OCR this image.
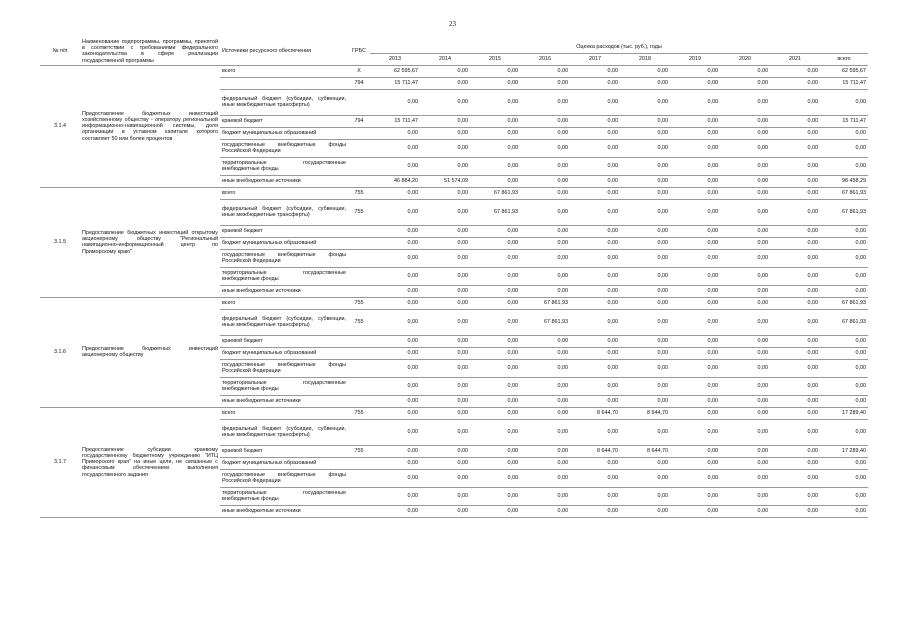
23
№ п/п	Наименование подпрограммы, программы, принятой в соответствии с требованиями федерального законодательства в сфере реализации государственной программы	Источники ресурсного обеспечения	ГРБС	Оценка расходов (тыс. руб.), годы									
				2013	2014	2015	2016	2017	2018	2019	2020	2021	всего
3.1.4	Предоставление бюджетных инвестиций хозяйственному обществу - оператору региональной информационно-навигационной системы, доля организации в уставном капитале которого составляет 50 или более процентов	всего	X	62 595,67	0,00	0,00	0,00	0,00	0,00	0,00	0,00	0,00	62 595,67
			794	15 711,47	0,00	0,00	0,00	0,00	0,00	0,00	0,00	0,00	15 711,47
		федеральный бюджет (субсидии, субвенции, иные межбюджетные трансферты)		0,00	0,00	0,00	0,00	0,00	0,00	0,00	0,00	0,00	0,00
		краевой бюджет	794	15 711,47	0,00	0,00	0,00	0,00	0,00	0,00	0,00	0,00	15 711,47
		бюджет муниципальных образований		0,00	0,00	0,00	0,00	0,00	0,00	0,00	0,00	0,00	0,00
		государственные внебюджетные фонды Российской Федерации		0,00	0,00	0,00	0,00	0,00	0,00	0,00	0,00	0,00	0,00
		территориальные государственные внебюджетные фонды		0,00	0,00	0,00	0,00	0,00	0,00	0,00	0,00	0,00	0,00
		иные внебюджетные источники		46 884,20	51 574,09	0,00	0,00	0,00	0,00	0,00	0,00	0,00	98 458,29
3.1.5	Предоставление бюджетных инвестиций открытому акционерному обществу "Региональный навигационно-информационный центр по Приморскому краю"	всего	755	0,00	0,00	67 861,93	0,00	0,00	0,00	0,00	0,00	0,00	67 861,93
		федеральный бюджет (субсидии, субвенции, иные межбюджетные трансферты)	755	0,00	0,00	67 861,93	0,00	0,00	0,00	0,00	0,00	0,00	67 861,93
		краевой бюджет		0,00	0,00	0,00	0,00	0,00	0,00	0,00	0,00	0,00	0,00
		бюджет муниципальных образований		0,00	0,00	0,00	0,00	0,00	0,00	0,00	0,00	0,00	0,00
		государственные внебюджетные фонды Российской Федерации		0,00	0,00	0,00	0,00	0,00	0,00	0,00	0,00	0,00	0,00
		территориальные государственные внебюджетные фонды		0,00	0,00	0,00	0,00	0,00	0,00	0,00	0,00	0,00	0,00
		иные внебюджетные источники		0,00	0,00	0,00	0,00	0,00	0,00	0,00	0,00	0,00	0,00
3.1.6	Предоставление бюджетных инвестиций акционерному обществу	всего	755	0,00	0,00	0,00	67 861,93	0,00	0,00	0,00	0,00	0,00	67 861,93
		федеральный бюджет (субсидии, субвенции, иные межбюджетные трансферты)	755	0,00	0,00	0,00	67 861,93	0,00	0,00	0,00	0,00	0,00	67 861,93
		краевой бюджет		0,00	0,00	0,00	0,00	0,00	0,00	0,00	0,00	0,00	0,00
		бюджет муниципальных образований		0,00	0,00	0,00	0,00	0,00	0,00	0,00	0,00	0,00	0,00
		государственные внебюджетные фонды Российской Федерации		0,00	0,00	0,00	0,00	0,00	0,00	0,00	0,00	0,00	0,00
		территориальные государственные внебюджетные фонды		0,00	0,00	0,00	0,00	0,00	0,00	0,00	0,00	0,00	0,00
		иные внебюджетные источники		0,00	0,00	0,00	0,00	0,00	0,00	0,00	0,00	0,00	0,00
3.1.7	Предоставление субсидии краевому государственному бюджетному учреждению "ИТЦ Приморского края" на иные цели, не связанные с финансовым обеспечением выполнения государственного задания	всего	755	0,00	0,00	0,00	0,00	8 644,70	8 644,70	0,00	0,00	0,00	17 289,40
		федеральный бюджет (субсидии, субвенции, иные межбюджетные трансферты)		0,00	0,00	0,00	0,00	0,00	0,00	0,00	0,00	0,00	0,00
		краевой бюджет	755	0,00	0,00	0,00	0,00	8 644,70	8 644,70	0,00	0,00	0,00	17 289,40
		бюджет муниципальных образований		0,00	0,00	0,00	0,00	0,00	0,00	0,00	0,00	0,00	0,00
		государственные внебюджетные фонды Российской Федерации		0,00	0,00	0,00	0,00	0,00	0,00	0,00	0,00	0,00	0,00
		территориальные государственные внебюджетные фонды		0,00	0,00	0,00	0,00	0,00	0,00	0,00	0,00	0,00	0,00
		иные внебюджетные источники		0,00	0,00	0,00	0,00	0,00	0,00	0,00	0,00	0,00	0,00
